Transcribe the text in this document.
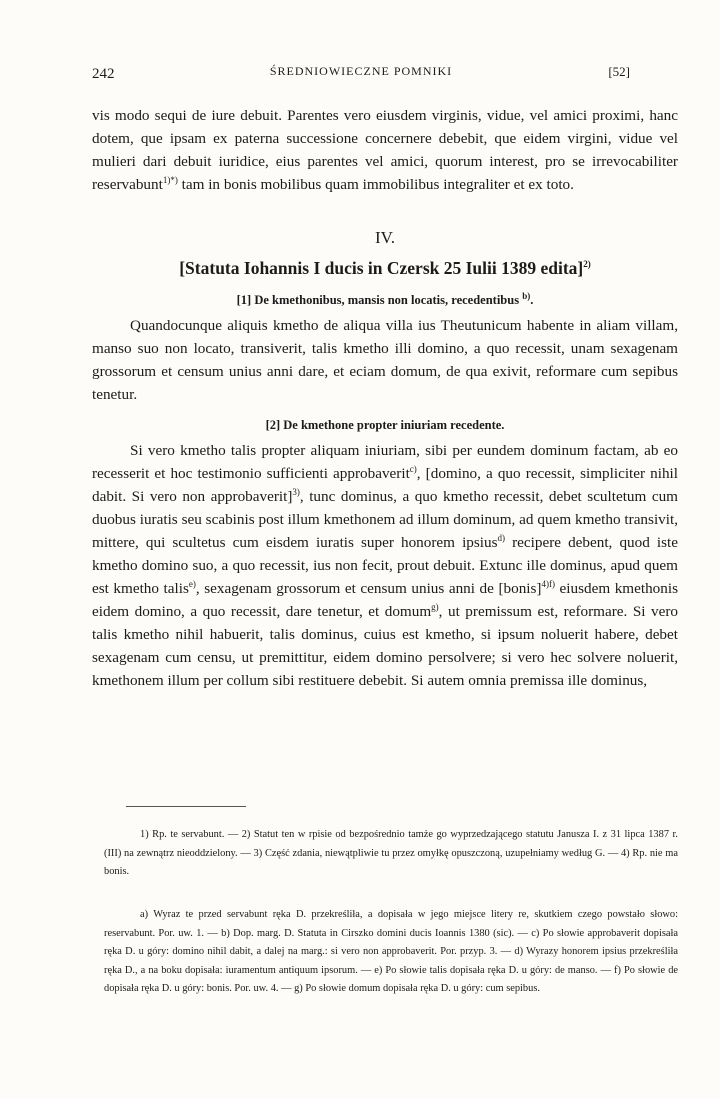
242	ŚREDNIOWIECZNE POMNIKI	[52]

vis modo sequi de iure debuit. Parentes vero eiusdem virginis, vidue, vel amici proximi, hanc dotem, que ipsam ex paterna successione concernere debebit, que eidem virgini, vidue vel mulieri dari debuit iuridice, eius parentes vel amici, quorum interest, pro se irrevocabiliter reservabunt$^{1)*)}$ tam in bonis mobilibus quam immobilibus integraliter et ex toto.

IV.

[Statuta Iohannis I ducis in Czersk 25 Iulii 1389 edita]$^{2)}$

[1] De kmethonibus, mansis non locatis, recedentibus $^{b)}$.

Quandocunque aliquis kmetho de aliqua villa ius Theutunicum habente in aliam villam, manso suo non locato, transiverit, talis kmetho illi domino, a quo recessit, unam sexagenam grossorum et censum unius anni dare, et eciam domum, de qua exivit, reformare cum sepibus tenetur.

[2] De kmethone propter iniuriam recedente.

Si vero kmetho talis propter aliquam iniuriam, sibi per eundem dominum factam, ab eo recesserit et hoc testimonio sufficienti approbaverit$^{c)}$, [domino, a quo recessit, simpliciter nihil dabit. Si vero non approbaverit]$^{3)}$, tunc dominus, a quo kmetho recessit, debet scultetum cum duobus iuratis seu scabinis post illum kmethonem ad illum dominum, ad quem kmetho transivit, mittere, qui scultetus cum eisdem iuratis super honorem ipsius$^{d)}$ recipere debent, quod iste kmetho domino suo, a quo recessit, ius non fecit, prout debuit. Extunc ille dominus, apud quem est kmetho talis$^{e)}$, sexagenam grossorum et censum unius anni de [bonis]$^{4)f)}$ eiusdem kmethonis eidem domino, a quo recessit, dare tenetur, et domum$^{g)}$, ut premissum est, reformare. Si vero talis kmetho nihil habuerit, talis dominus, cuius est kmetho, si ipsum noluerit habere, debet sexagenam cum censu, ut premittitur, eidem domino persolvere; si vero hec solvere noluerit, kmethonem illum per collum sibi restituere debebit. Si autem omnia premissa ille dominus,

1) Rp. te servabunt. — 2) Statut ten w rpisie od bezpośrednio tamże go wyprzedzającego statutu Janusza I. z 31 lipca 1387 r. (III) na zewnątrz nieoddzielony. — 3) Część zdania, niewątpliwie tu przez omyłkę opuszczoną, uzupełniamy według G. — 4) Rp. nie ma bonis.

a) Wyraz te przed servabunt ręka D. przekreśliła, a dopisała w jego miejsce litery re, skutkiem czego powstało słowo: reservabunt. Por. uw. 1. — b) Dop. marg. D. Statuta in Cirszko domini ducis Ioannis 1380 (sic). — c) Po słowie approbaverit dopisała ręka D. u góry: domino nihil dabit, a dalej na marg.: si vero non approbaverit. Por. przyp. 3. — d) Wyrazy honorem ipsius przekreśliła ręka D., a na boku dopisała: iuramentum antiquum ipsorum. — e) Po słowie talis dopisała ręka D. u góry: de manso. — f) Po słowie de dopisała ręka D. u góry: bonis. Por. uw. 4. — g) Po słowie domum dopisała ręka D. u góry: cum sepibus.
